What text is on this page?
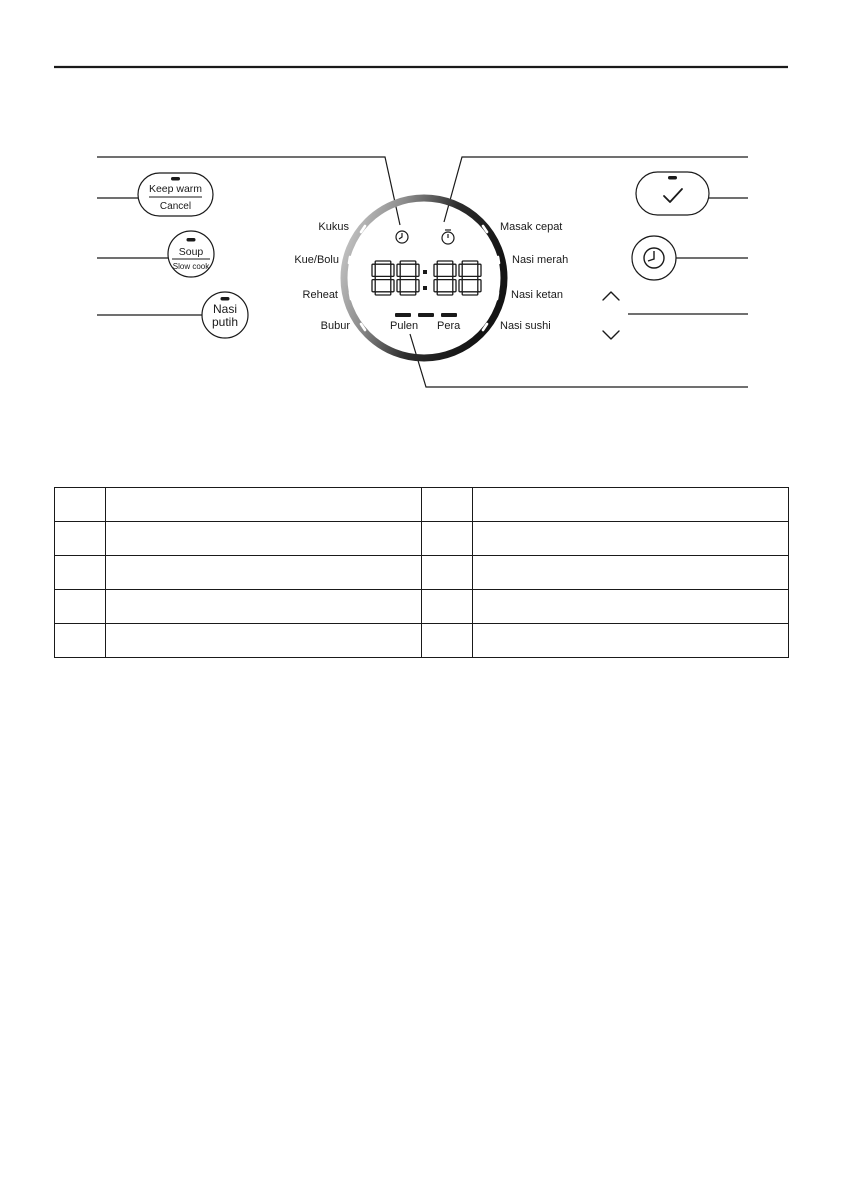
Keep warm
Cancel
Soup
Slow cook
Nasi
putih
Kukus
Kue/Bolu
Reheat
Bubur
Masak cepat
Nasi merah
Nasi ketan
Nasi sushi
Pulen Pera
